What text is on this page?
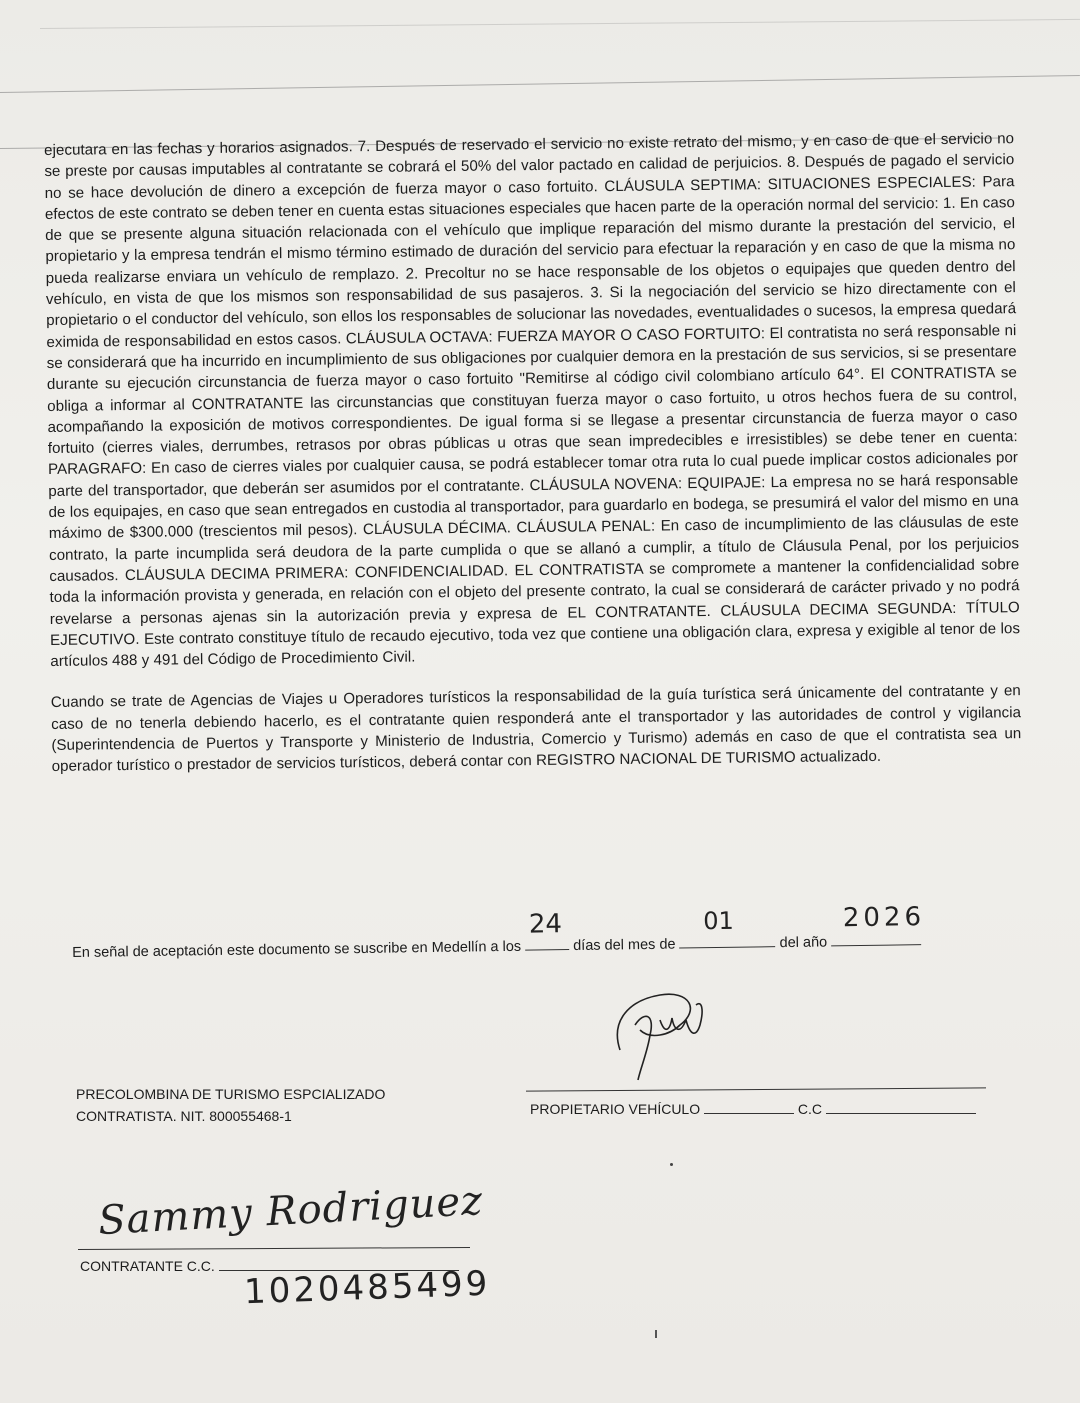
ejecutara en las fechas y horarios asignados. 7. Después de reservado el servicio no existe retrato del mismo, y en caso de que el servicio no se preste por causas imputables al contratante se cobrará el 50% del valor pactado en calidad de perjuicios. 8. Después de pagado el servicio no se hace devolución de dinero a excepción de fuerza mayor o caso fortuito. CLÁUSULA SEPTIMA: SITUACIONES ESPECIALES: Para efectos de este contrato se deben tener en cuenta estas situaciones especiales que hacen parte de la operación normal del servicio: 1. En caso de que se presente alguna situación relacionada con el vehículo que implique reparación del mismo durante la prestación del servicio, el propietario y la empresa tendrán el mismo término estimado de duración del servicio para efectuar la reparación y en caso de que la misma no pueda realizarse enviara un vehículo de remplazo. 2. Precoltur no se hace responsable de los objetos o equipajes que queden dentro del vehículo, en vista de que los mismos son responsabilidad de sus pasajeros. 3. Si la negociación del servicio se hizo directamente con el propietario o el conductor del vehículo, son ellos los responsables de solucionar las novedades, eventualidades o sucesos, la empresa quedará eximida de responsabilidad en estos casos. CLÁUSULA OCTAVA: FUERZA MAYOR O CASO FORTUITO: El contratista no será responsable ni se considerará que ha incurrido en incumplimiento de sus obligaciones por cualquier demora en la prestación de sus servicios, si se presentare durante su ejecución circunstancia de fuerza mayor o caso fortuito "Remitirse al código civil colombiano artículo 64°. El CONTRATISTA se obliga a informar al CONTRATANTE las circunstancias que constituyan fuerza mayor o caso fortuito, u otros hechos fuera de su control, acompañando la exposición de motivos correspondientes. De igual forma si se llegase a presentar circunstancia de fuerza mayor o caso fortuito (cierres viales, derrumbes, retrasos por obras públicas u otras que sean impredecibles e irresistibles) se debe tener en cuenta: PARAGRAFO: En caso de cierres viales por cualquier causa, se podrá establecer tomar otra ruta lo cual puede implicar costos adicionales por parte del transportador, que deberán ser asumidos por el contratante. CLÁUSULA NOVENA: EQUIPAJE: La empresa no se hará responsable de los equipajes, en caso que sean entregados en custodia al transportador, para guardarlo en bodega, se presumirá el valor del mismo en una máximo de $300.000 (trescientos mil pesos). CLÁUSULA DÉCIMA. CLÁUSULA PENAL: En caso de incumplimiento de las cláusulas de este contrato, la parte incumplida será deudora de la parte cumplida o que se allanó a cumplir, a título de Cláusula Penal, por los perjuicios causados. CLÁUSULA DECIMA PRIMERA: CONFIDENCIALIDAD. EL CONTRATISTA se compromete a mantener la confidencialidad sobre toda la información provista y generada, en relación con el objeto del presente contrato, la cual se considerará de carácter privado y no podrá revelarse a personas ajenas sin la autorización previa y expresa de EL CONTRATANTE. CLÁUSULA DECIMA SEGUNDA: TÍTULO EJECUTIVO. Este contrato constituye título de recaudo ejecutivo, toda vez que contiene una obligación clara, expresa y exigible al tenor de los artículos 488 y 491 del Código de Procedimiento Civil.

Cuando se trate de Agencias de Viajes u Operadores turísticos la responsabilidad de la guía turística será únicamente del contratante y en caso de no tenerla debiendo hacerlo, es el contratante quien responderá ante el transportador y las autoridades de control y vigilancia (Superintendencia de Puertos y Transporte y Ministerio de Industria, Comercio y Turismo) además en caso de que el contratista sea un operador turístico o prestador de servicios turísticos, deberá contar con REGISTRO NACIONAL DE TURISMO actualizado.

En señal de aceptación este documento se suscribe en Medellín a los
24
días del mes de
01
del año
2026
PRECOLOMBINA DE TURISMO ESPCIALIZADO
CONTRATISTA. NIT. 800055468-1	PROPIETARIO VEHÍCULO	C.C
Sammy Rodriguez
CONTRATANTE C.C. 1020485499
